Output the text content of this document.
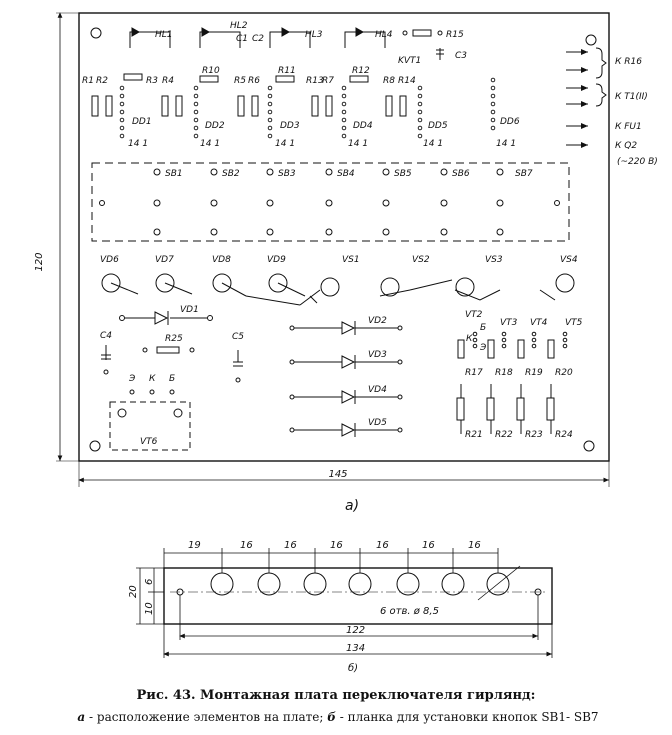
120
145
а)
HL1
HL2
HL3	HL4
C1 C2	R15
KVT1	C3
R1 R2	R3 R4
R10
R5 R6
R11
R13
R7
R12
R8 R14
DD1	DD2	DD3	DD4	DD5	DD6
14 1	14 1	14 1	14 1	14 1	14 1
К R16
К T1(II)
К FU1
К Q2
(~220 В)
SB1	SB2	SB3	SB4	SB5	SB6	SB7
VD6	VD7	VD8	VD9	VS1	VS2	VS3	VS4
VD1
C4	R25	C5
Э К Б
VT6
VD2
VD3
VD4
VD5
VT2
VT3 VT4 VT5
Б
К
Э
R17 R18 R19 R20
R21 R22 R23 R24
19	16	16	16	16	16	16
20
6
10	6 отв. ø 8,5
122
134
б)
Рис. 43. Монтажная плата переключателя гирлянд:
а - расположение элементов на плате; б - планка для установки кнопок SB1- SB7
